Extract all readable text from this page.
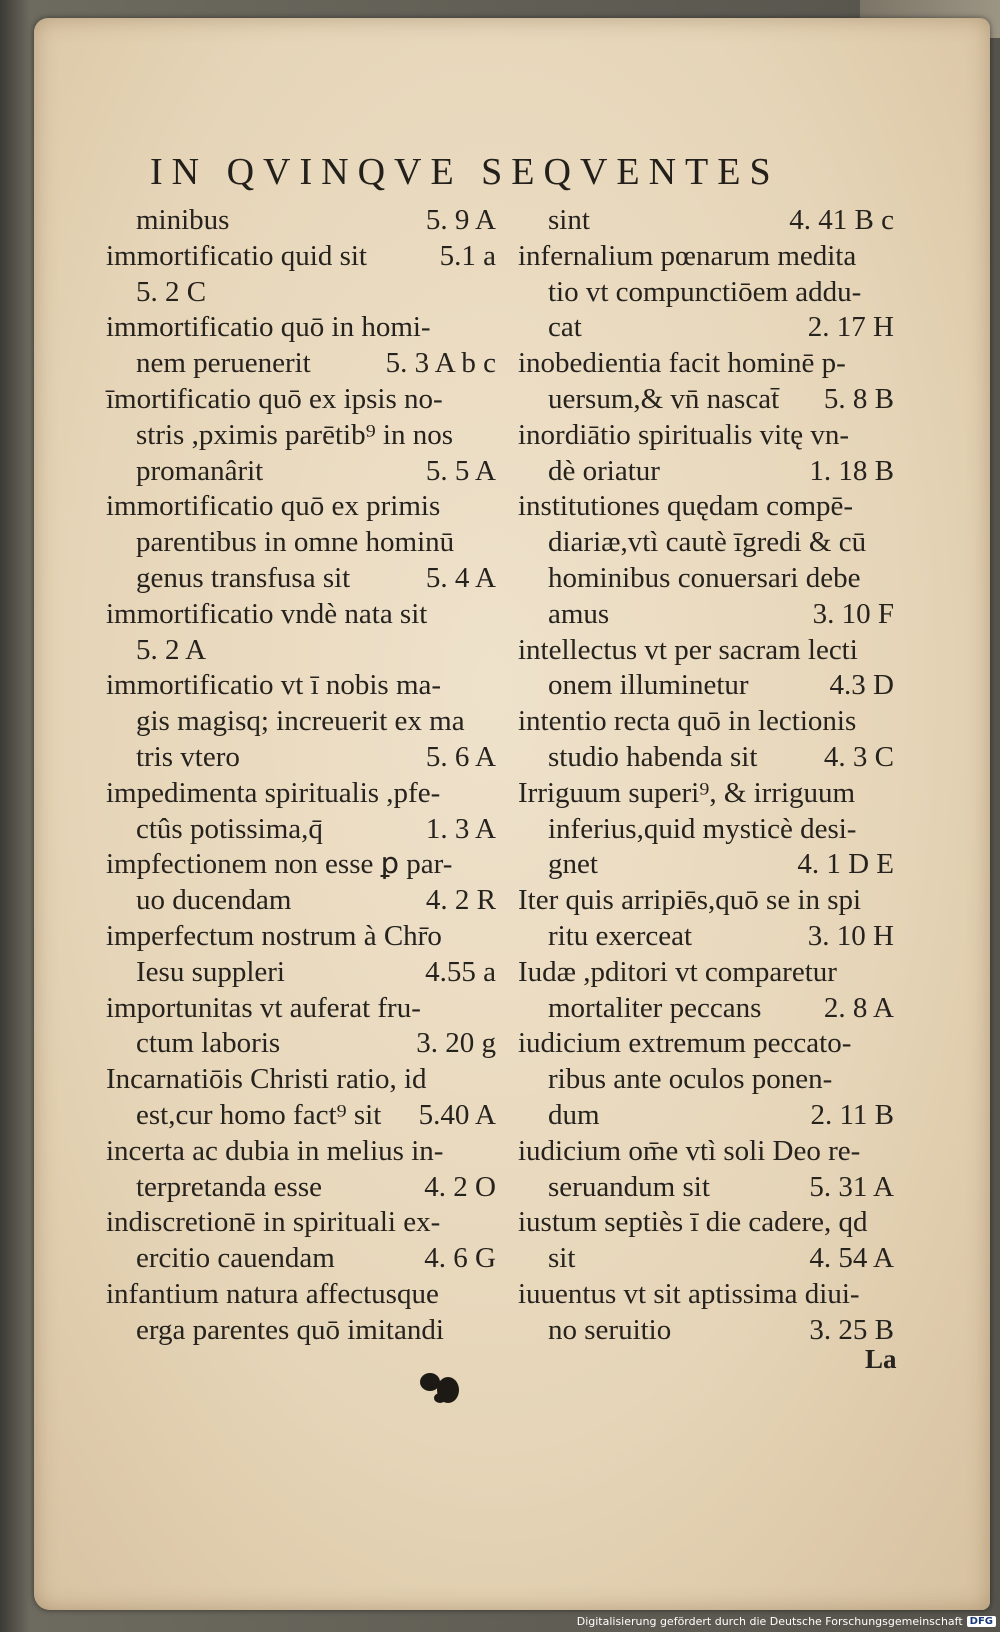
IN QVINQVE SEQVENTES
minibus	5. 9 A
immortificatio quid sit	5.1 a
5. 2 C
immortificatio quō in homi-
nem peruenerit	5. 3 A b c
īmortificatio quō ex ipsis no-
stris ,pximis parētib⁹ in nos
promanârit	5. 5 A
immortificatio quō ex primis
parentibus in omne hominū
genus transfusa sit	5. 4 A
immortificatio vndè nata sit
5. 2 A
immortificatio vt ī nobis ma-
gis magisq; increuerit ex ma
tris vtero	5. 6 A
impedimenta spiritualis ,pfe-
ctûs potissima,q̄	1. 3 A
impfectionem non esse ꝑ par-
uo ducendam	4. 2 R
imperfectum nostrum à Chr̄o
Iesu suppleri	4.55 a
importunitas vt auferat fru-
ctum laboris	3. 20 g
Incarnatiōis Christi ratio, id
est,cur homo fact⁹ sit	5.40 A
incerta ac dubia in melius in-
terpretanda esse	4. 2 O
indiscretionē in spirituali ex-
ercitio cauendam	4. 6 G
infantium natura affectusque
erga parentes quō imitandi
sint	4. 41 B c
infernalium pœnarum medita
tio vt compunctiōem addu-
cat	2. 17 H
inobedientia facit hominē p-
uersum,& vn̄ nascat̄	5. 8 B
inordiātio spiritualis vitę vn-
dè oriatur	1. 18 B
institutiones quędam compē-
diariæ,vtì cautè īgredi & cū
hominibus conuersari debe
amus	3. 10 F
intellectus vt per sacram lecti
onem illuminetur	4.3 D
intentio recta quō in lectionis
studio habenda sit	4. 3 C
Irriguum superi⁹, & irriguum
inferius,quid mysticè desi-
gnet	4. 1 D E
Iter quis arripiēs,quō se in spi
ritu exerceat	3. 10 H
Iudæ ,pditori vt comparetur
mortaliter peccans	2. 8 A
iudicium extremum peccato-
ribus ante oculos ponen-
dum	2. 11 B
iudicium om̄e vtì soli Deo re-
seruandum sit	5. 31 A
iustum septiès ī die cadere, qd
sit	4. 54 A
iuuentus vt sit aptissima diui-
no seruitio	3. 25 B
La
Digitalisierung gefördert durch die Deutsche Forschungsgemeinschaft DFG
